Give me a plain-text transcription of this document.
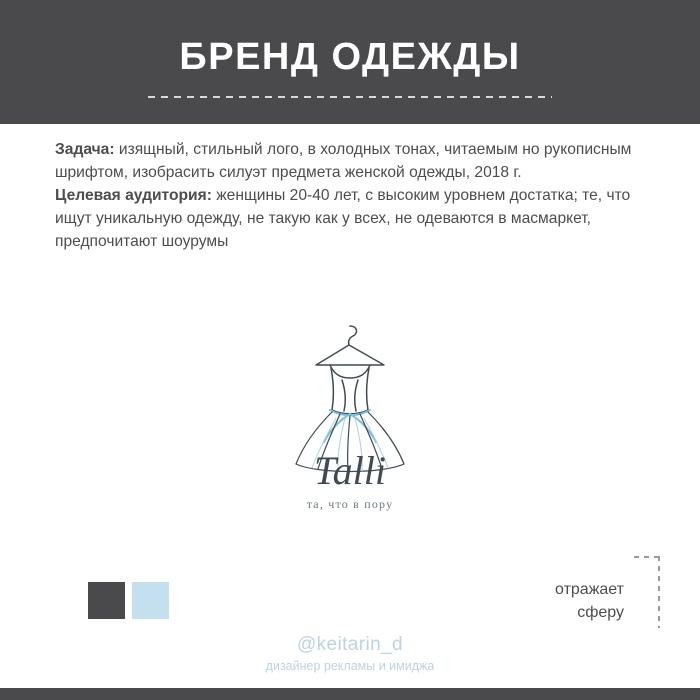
БРЕНД ОДЕЖДЫ

Задача: изящный, стильный лого, в холодных тонах, читаемым но рукописным шрифтом, изобрасить силуэт предмета женской одежды, 2018 г.

Целевая аудитория: женщины 20-40 лет, с высоким уровнем достатка; те, что ищут уникальную одежду, не такую как у всех, не одеваются в масмаркет, предпочитают шоурумы

Talli
та, что в пору
отражает
сферу
@keitarin_d
дизайнер рекламы и имиджа
